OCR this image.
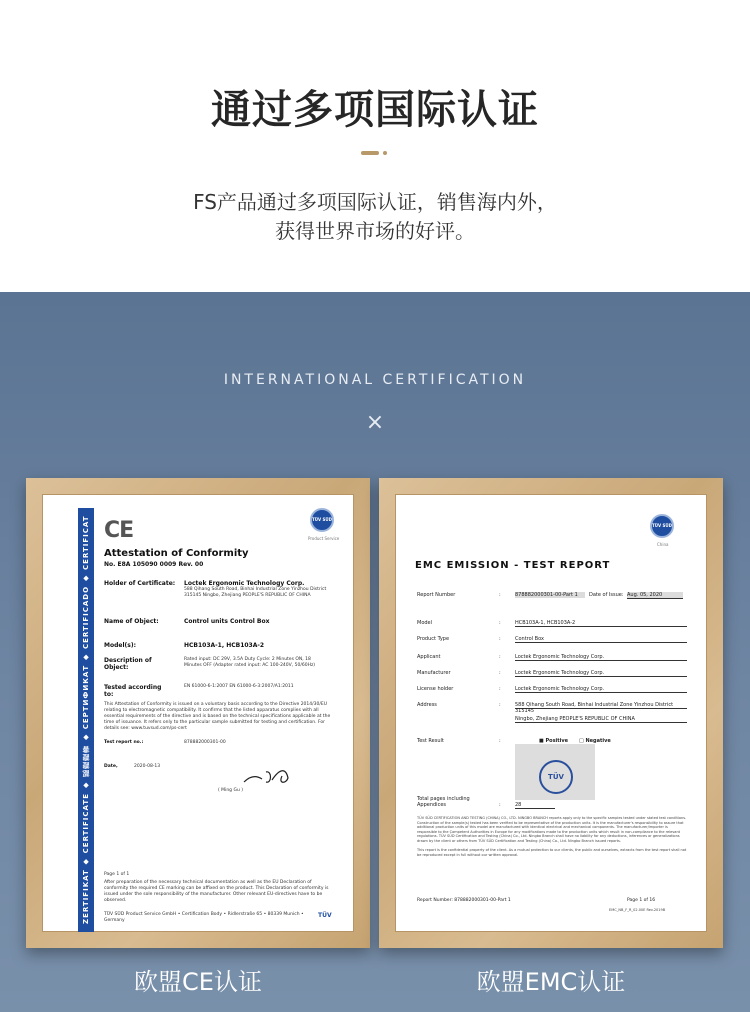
通过多项国际认证
FS产品通过多项国际认证，销售海内外，
获得世界市场的好评。
INTERNATIONAL CERTIFICATION
×
ZERTIFIKAT ◆ CERTIFICATE ◆ 認證證書 ◆ СЕРТИФИКАТ ◆ CERTIFICADO ◆ CERTIFICAT CE	TÜV SÜD
Product Service
Attestation of Conformity
No. E8A 105090 0009 Rev. 00
Holder of Certificate:	Loctek Ergonomic Technology Corp.
588 Qihang South Road, Binhai Industrial Zone Yinzhou District 315145 Ningbo, Zhejiang PEOPLE'S REPUBLIC OF CHINA
Name of Object:	Control units Control Box
Model(s):	HCB103A-1, HCB103A-2
Description of Object:
Rated input: DC 29V, 3.5A Duty Cycle: 2 Minutes ON, 18 Minutes OFF (Adapter rated input: AC 100-240V, 50/60Hz)
Tested according to:
EN 61000-6-1:2007 EN 61000-6-3:2007/A1:2011
This Attestation of Conformity is issued on a voluntary basis according to the Directive 2014/30/EU relating to electromagnetic compatibility. It confirms that the listed apparatus complies with all essential requirements of the directive and is based on the technical specifications applicable at the time of issuance. It refers only to the particular sample submitted for testing and certification. For details see: www.tuvsud.com/ps-cert
Test report no.:	878882000301-00
Date,	2020-08-13
( Ming Gu )
Page 1 of 1
After preparation of the necessary technical documentation as well as the EU Declaration of conformity the required CE marking can be affixed on the product. This Declaration of conformity is issued under the sole responsibility of the manufacturer. Other relevant EU-directives have to be observed.
TÜV SÜD Product Service GmbH • Certification Body • Ridlerstraße 65 • 80339 Munich • Germany
TÜV
TÜV SÜD
China
EMC EMISSION - TEST REPORT
Report Number	:	878882000301-00-Part 1	Date of Issue: Aug. 05, 2020
Model	:	HCB103A-1, HCB103A-2
Product Type	:	Control Box
Applicant	:	Loctek Ergonomic Technology Corp.
Manufacturer	:	Loctek Ergonomic Technology Corp.
License holder	:	Loctek Ergonomic Technology Corp.
Address	:	588 Qihang South Road, Binhai Industrial Zone Yinzhou District 315145
Ningbo, Zhejiang PEOPLE'S REPUBLIC OF CHINA
Test Result	:	■ Positive □ Negative
TÜV
Total pages including Appendices	:	28
TÜV SÜD CERTIFICATION AND TESTING (CHINA) CO., LTD. NINGBO BRANCH reports apply only to the specific samples tested under stated test conditions. Construction of the sample(s) tested has been verified to be representative of the production units. It is the manufacturer's responsibility to assure that additional production units of this model are manufactured with identical electrical and mechanical components. The manufacturer/importer is responsible to the Competent Authorities in Europe for any modifications made to the production units which result in non-compliance to the relevant regulations. TÜV SÜD Certification and Testing (China) Co., Ltd. Ningbo Branch shall have no liability for any deductions, inferences or generalizations drawn by the client or others from TÜV SÜD Certification and Testing (China) Co., Ltd. Ningbo Branch issued reports.
This report is the confidential property of the client. As a mutual protection to our clients, the public and ourselves, extracts from the test report shall not be reproduced except in full without our written approval.
Report Number: 878882000301-00-Part 1	Page 1 of 16
EMC_NB_F_R_02.00E Rev.2019B
欧盟CE认证	欧盟EMC认证
